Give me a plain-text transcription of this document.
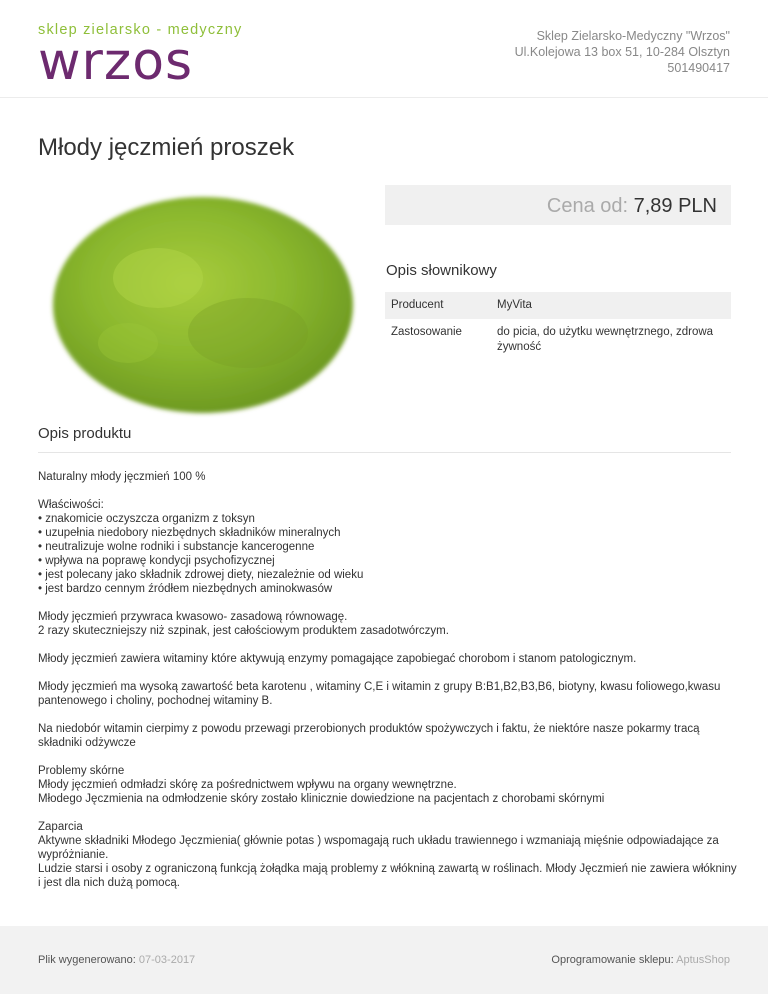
sklep zielarsko - medyczny
wrzos	Sklep Zielarsko-Medyczny "Wrzos"
Ul.Kolejowa 13 box 51, 10-284 Olsztyn
501490417
Młody jęczmień proszek
Cena od: 7,89 PLN
Opis słownikowy
Producent	MyVita
Zastosowanie	do picia, do użytku wewnętrznego, zdrowa żywność
Opis produktu

Naturalny młody jęczmień 100 %

Właściwości:
• znakomicie oczyszcza organizm z toksyn
• uzupełnia niedobory niezbędnych składników mineralnych
• neutralizuje wolne rodniki i substancje kancerogenne
• wpływa na poprawę kondycji psychofizycznej
• jest polecany jako składnik zdrowej diety, niezależnie od wieku
• jest bardzo cennym źródłem niezbędnych aminokwasów

Młody jęczmień przywraca kwasowo- zasadową równowagę.
2 razy skuteczniejszy niż szpinak, jest całościowym produktem zasadotwórczym.

Młody jęczmień zawiera witaminy które aktywują enzymy pomagające zapobiegać chorobom i stanom patologicznym.

Młody jęczmień ma wysoką zawartość beta karotenu , witaminy C,E i witamin z grupy B:B1,B2,B3,B6, biotyny, kwasu foliowego,kwasu pantenowego i choliny, pochodnej witaminy B.

Na niedobór witamin cierpimy z powodu przewagi przerobionych produktów spożywczych i faktu, że niektóre nasze pokarmy tracą składniki odżywcze

Problemy skórne
Młody jęczmień odmładzi skórę za pośrednictwem wpływu na organy wewnętrzne.
Młodego Jęczmienia na odmłodzenie skóry zostało klinicznie dowiedzione na pacjentach z chorobami skórnymi

Zaparcia
Aktywne składniki Młodego Jęczmienia( głównie potas ) wspomagają ruch układu trawiennego i wzmaniają mięśnie odpowiadające za wypróżnianie.
Ludzie starsi i osoby z ograniczoną funkcją żołądka mają problemy z włókniną zawartą w roślinach. Młody Jęczmień nie zawiera włókniny i jest dla nich dużą pomocą.

Plik wygenerowano: 07-03-2017	Oprogramowanie sklepu: AptusShop
